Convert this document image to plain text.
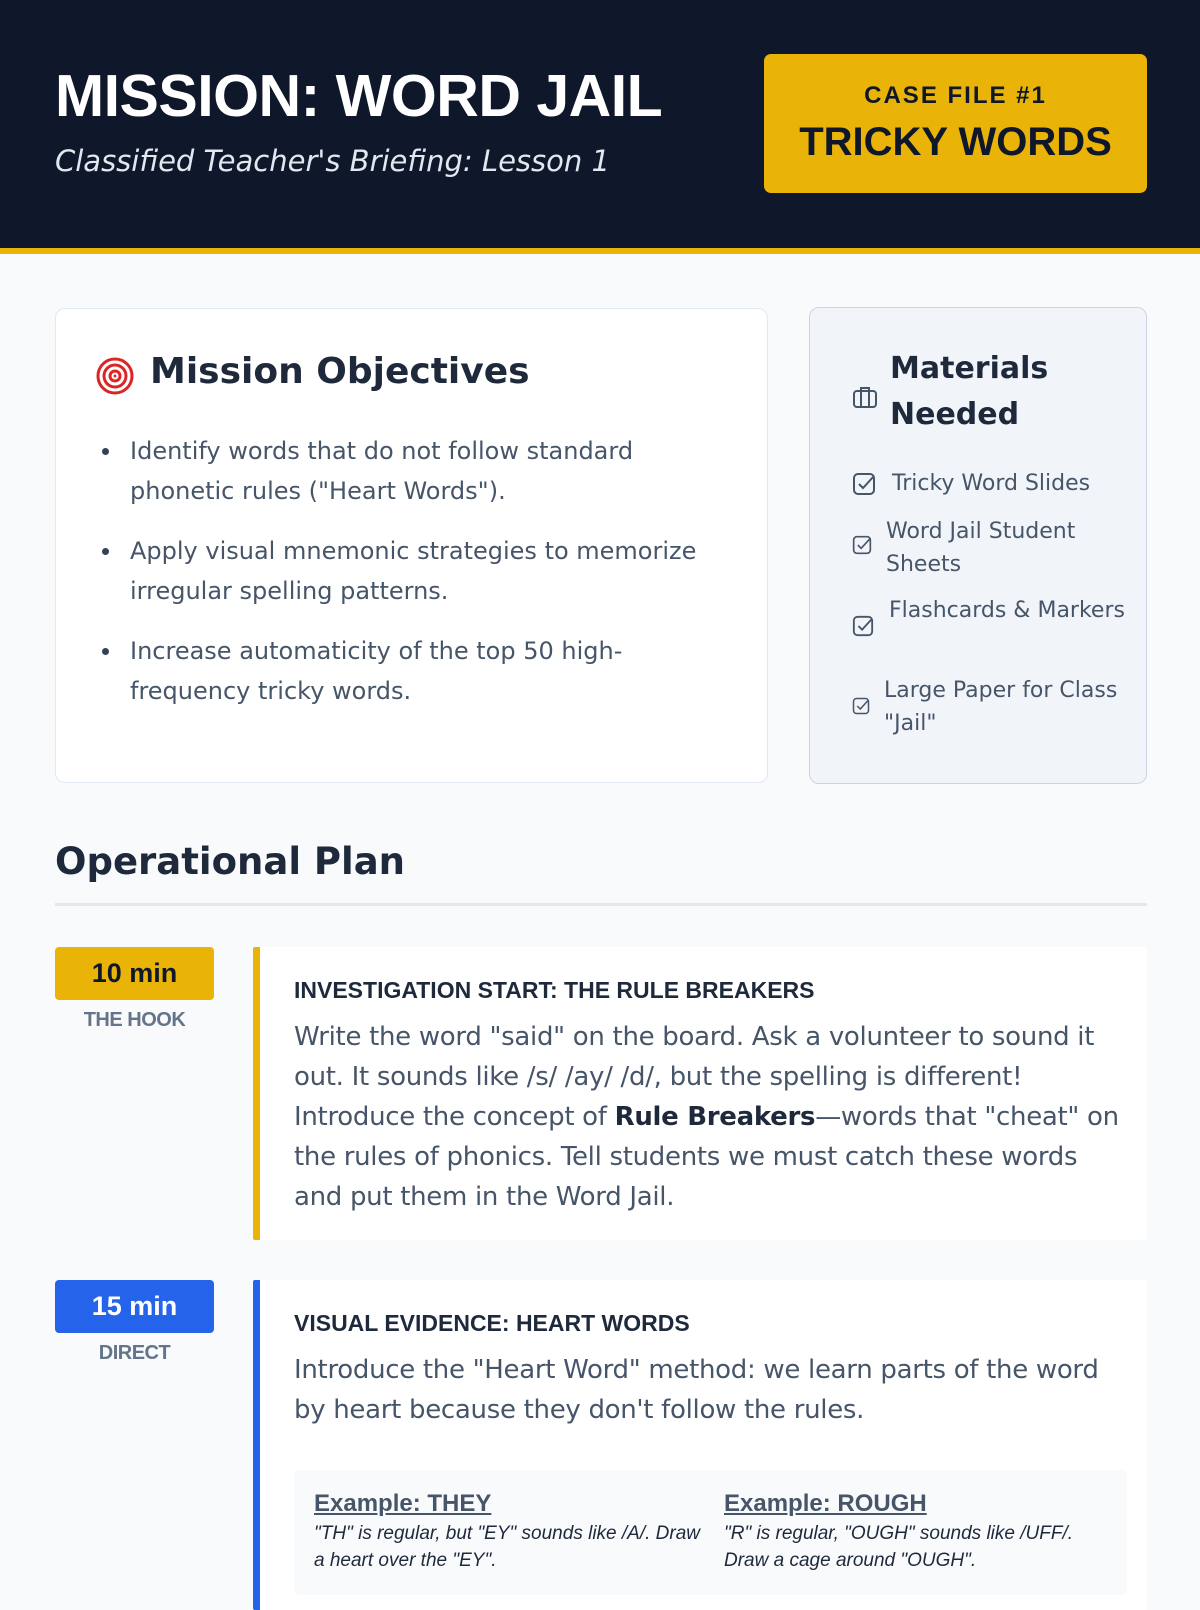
MISSION: WORD JAIL
Classified Teacher's Briefing: Lesson 1
CASE FILE #1
TRICKY WORDS
Mission Objectives
Identify words that do not follow standard phonetic rules ("Heart Words").
Apply visual mnemonic strategies to memorize irregular spelling patterns.
Increase automaticity of the top 50 high-frequency tricky words.
Materials Needed
Tricky Word Slides
Word Jail Student Sheets
Flashcards & Markers
Large Paper for Class "Jail"
Operational Plan
10 min
THE HOOK
INVESTIGATION START: THE RULE BREAKERS
Write the word "said" on the board. Ask a volunteer to sound it out. It sounds like /s/ /ay/ /d/, but the spelling is different! Introduce the concept of Rule Breakers—words that "cheat" on the rules of phonics. Tell students we must catch these words and put them in the Word Jail.
15 min
DIRECT
VISUAL EVIDENCE: HEART WORDS
Introduce the "Heart Word" method: we learn parts of the word by heart because they don't follow the rules.
Example: THEY
"TH" is regular, but "EY" sounds like /A/. Draw a heart over the "EY".
Example: ROUGH
"R" is regular, "OUGH" sounds like /UFF/. Draw a cage around "OUGH".
